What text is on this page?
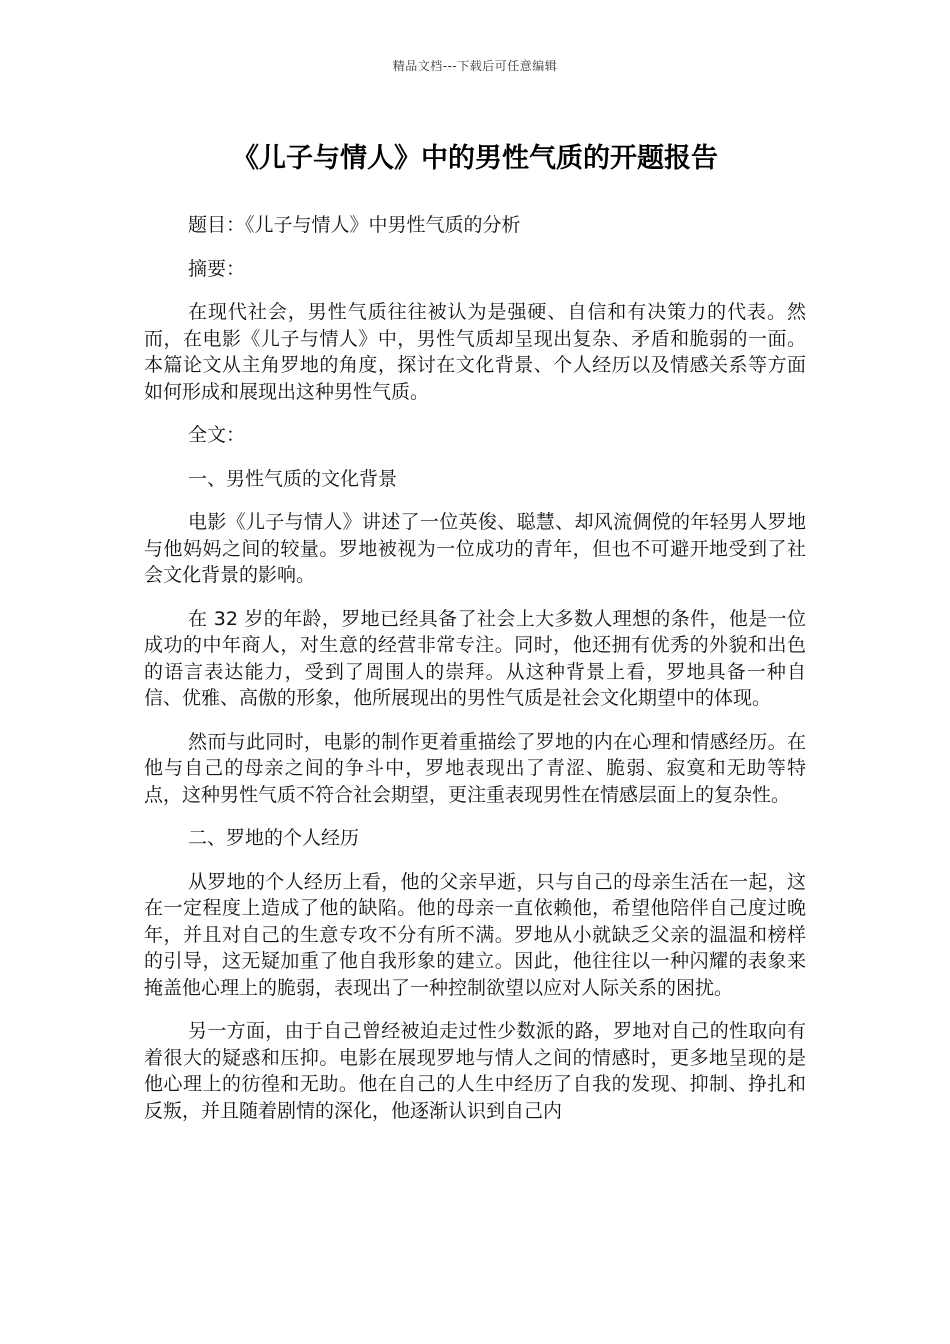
精品文档---下载后可任意编辑
《儿子与情人》中的男性气质的开题报告

题目：《儿子与情人》中男性气质的分析

摘要：

在现代社会，男性气质往往被认为是强硬、自信和有决策力的代表。然而，在电影《儿子与情人》中，男性气质却呈现出复杂、矛盾和脆弱的一面。本篇论文从主角罗地的角度，探讨在文化背景、个人经历以及情感关系等方面如何形成和展现出这种男性气质。

全文：

一、男性气质的文化背景

电影《儿子与情人》讲述了一位英俊、聪慧、却风流倜傥的年轻男人罗地与他妈妈之间的较量。罗地被视为一位成功的青年，但也不可避开地受到了社会文化背景的影响。

在 32 岁的年龄，罗地已经具备了社会上大多数人理想的条件，他是一位成功的中年商人，对生意的经营非常专注。同时，他还拥有优秀的外貌和出色的语言表达能力，受到了周围人的崇拜。从这种背景上看，罗地具备一种自信、优雅、高傲的形象，他所展现出的男性气质是社会文化期望中的体现。

然而与此同时，电影的制作更着重描绘了罗地的内在心理和情感经历。在他与自己的母亲之间的争斗中，罗地表现出了青涩、脆弱、寂寞和无助等特点，这种男性气质不符合社会期望，更注重表现男性在情感层面上的复杂性。

二、罗地的个人经历

从罗地的个人经历上看，他的父亲早逝，只与自己的母亲生活在一起，这在一定程度上造成了他的缺陷。他的母亲一直依赖他，希望他陪伴自己度过晚年，并且对自己的生意专攻不分有所不满。罗地从小就缺乏父亲的温温和榜样的引导，这无疑加重了他自我形象的建立。因此，他往往以一种闪耀的表象来掩盖他心理上的脆弱，表现出了一种控制欲望以应对人际关系的困扰。

另一方面，由于自己曾经被迫走过性少数派的路，罗地对自己的性取向有着很大的疑惑和压抑。电影在展现罗地与情人之间的情感时，更多地呈现的是他心理上的彷徨和无助。他在自己的人生中经历了自我的发现、抑制、挣扎和反叛，并且随着剧情的深化，他逐渐认识到自己内
